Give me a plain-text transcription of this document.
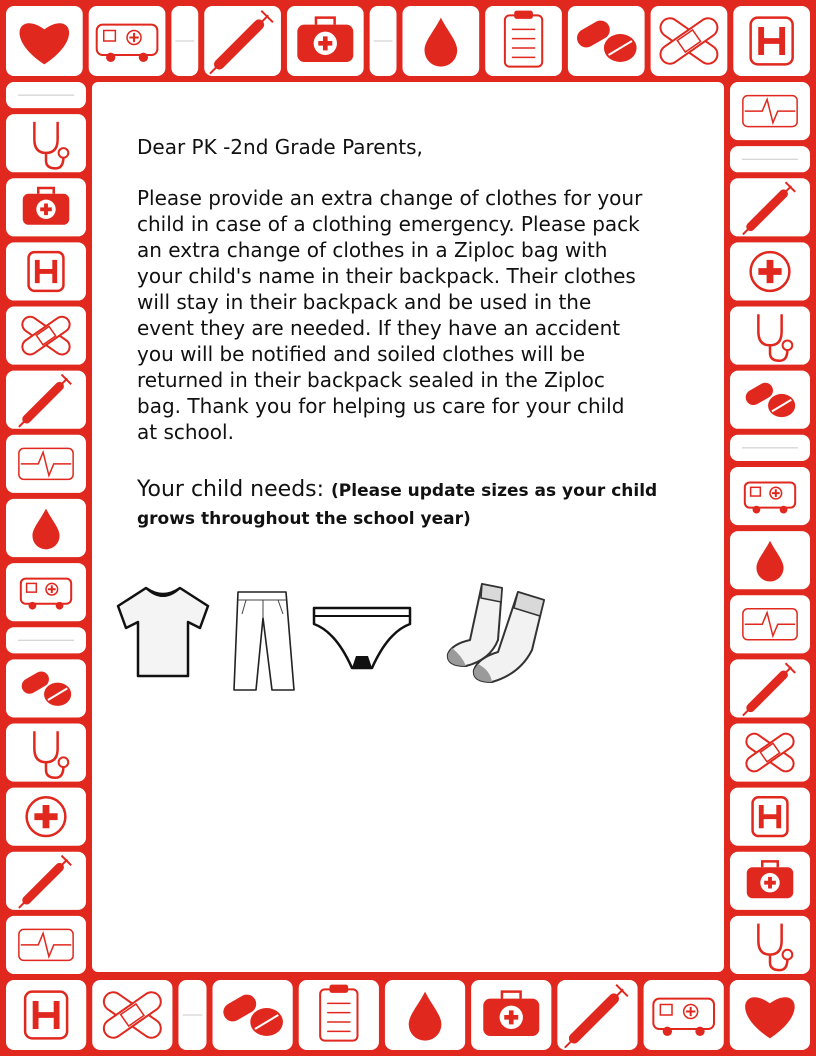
Dear PK -2nd Grade Parents,

Please provide an extra change of clothes for your
child in case of a clothing emergency. Please pack
an extra change of clothes in a Ziploc bag with
your child's name in their backpack. Their clothes
will stay in their backpack and be used in the
event they are needed. If they have an accident
you will be notified and soiled clothes will be
returned in their backpack sealed in the Ziploc
bag. Thank you for helping us care for your child
at school.

Your child needs: (Please update sizes as your child grows throughout the school year)
